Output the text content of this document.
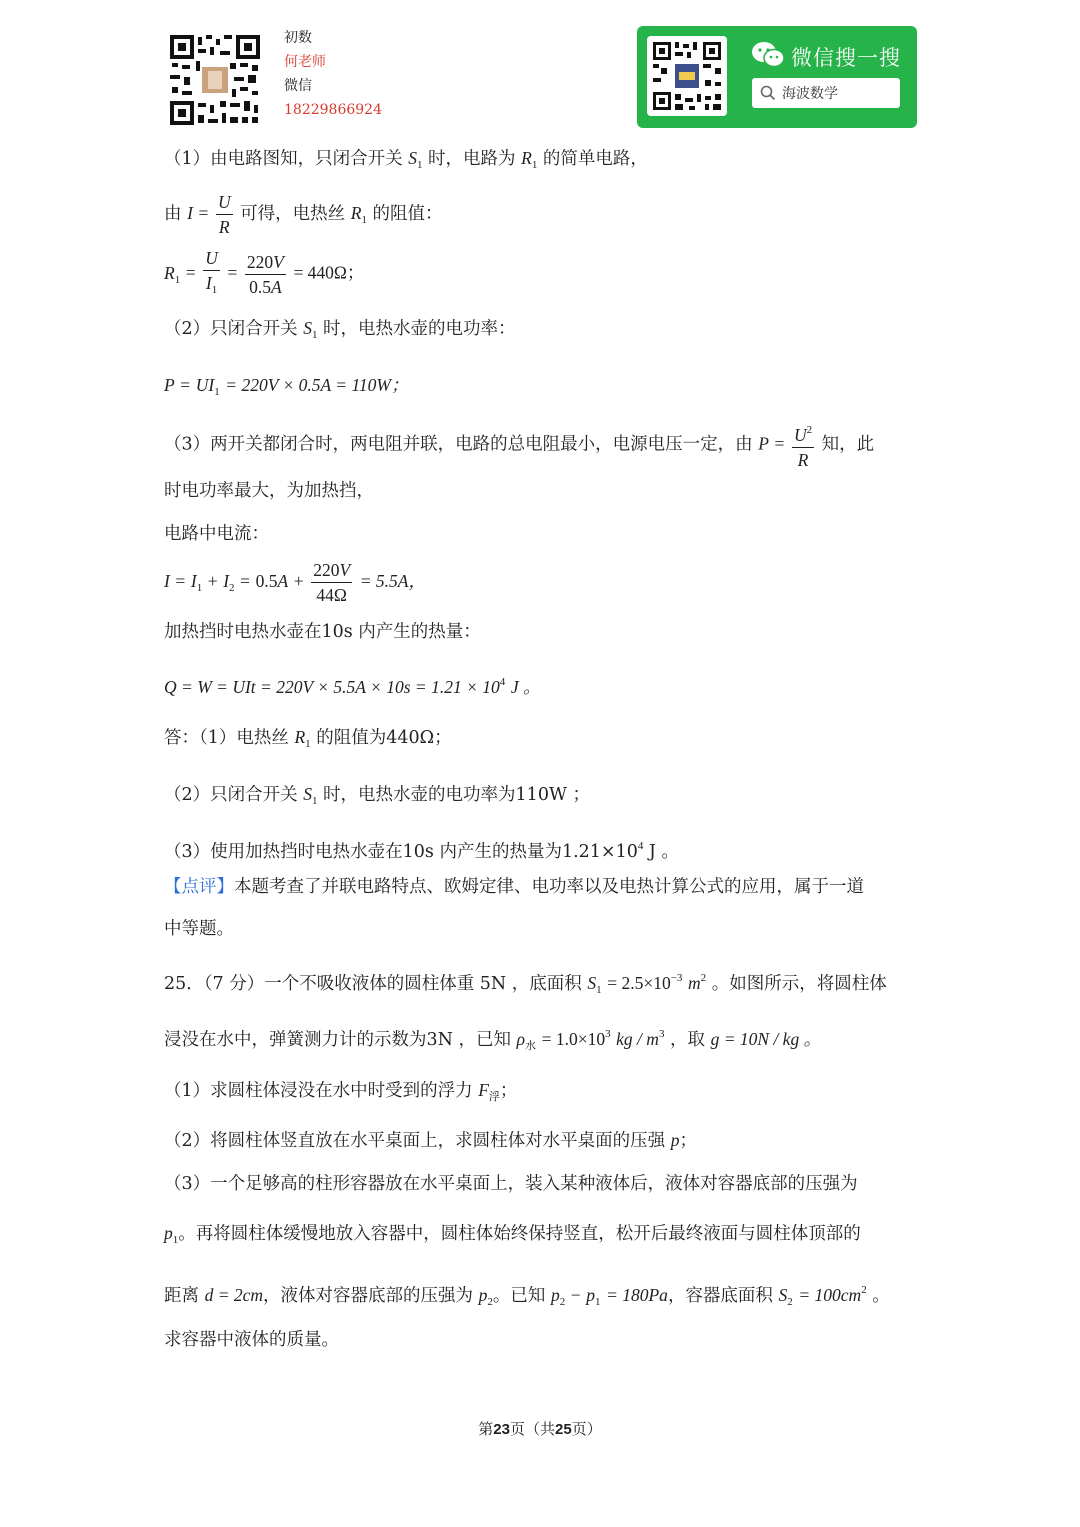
初数
何老师
微信
18229866924
微信搜一搜
海波数学
（1）由电路图知，只闭合开关 $S_1$ 时，电路为 $R_1$ 的简单电路，
由 $I = \frac{U}{R}$ 可得，电热丝 $R_1$ 的阻值：
$R_1 = \frac{U}{I_1} = \frac{220V}{0.5A} = 440\Omega$；
（2）只闭合开关 $S_1$ 时，电热水壶的电功率：
$P = UI_1 = 220V \times 0.5A = 110W$；
（3）两开关都闭合时，两电阻并联，电路的总电阻最小，电源电压一定，由 $P = \frac{U^2}{R}$ 知，此
时电功率最大，为加热挡，
电路中电流：
$I = I_1 + I_2 = 0.5A + \frac{220V}{44\Omega} = 5.5A$，
加热挡时电热水壶在10s 内产生的热量：
Q = W = UIt = $220V \times 5.5A \times 10s = 1.21 \times 10^4$ J 。
答：（1）电热丝 $R_1$ 的阻值为440Ω；
（2）只闭合开关 $S_1$ 时，电热水壶的电功率为110W ；
（3）使用加热挡时电热水壶在10s 内产生的热量为$1.21\times 10^4$ J 。
【点评】本题考查了并联电路特点、欧姆定律、电功率以及电热计算公式的应用，属于一道
中等题。
25．（7 分）一个不吸收液体的圆柱体重 5N ，底面积 $S_1 = 2.5\times 10^{-3}$ $m^2$ 。如图所示，将圆柱体
浸没在水中，弹簧测力计的示数为3N ，已知 $\rho_水 = 1.0\times 10^3$ kg / $m^3$ ，取 g = 10N / kg 。
（1）求圆柱体浸没在水中时受到的浮力 $F_浮$；
（2）将圆柱体竖直放在水平桌面上，求圆柱体对水平桌面的压强 p；
（3）一个足够高的柱形容器放在水平桌面上，装入某种液体后，液体对容器底部的压强为
$p_1$。再将圆柱体缓慢地放入容器中，圆柱体始终保持竖直，松开后最终液面与圆柱体顶部的
距离 d = 2cm，液体对容器底部的压强为 $p_2$。已知 $p_2 - p_1 = 180Pa$，容器底面积 $S_2 = 100cm^2$ 。
求容器中液体的质量。
第23页（共25页）
